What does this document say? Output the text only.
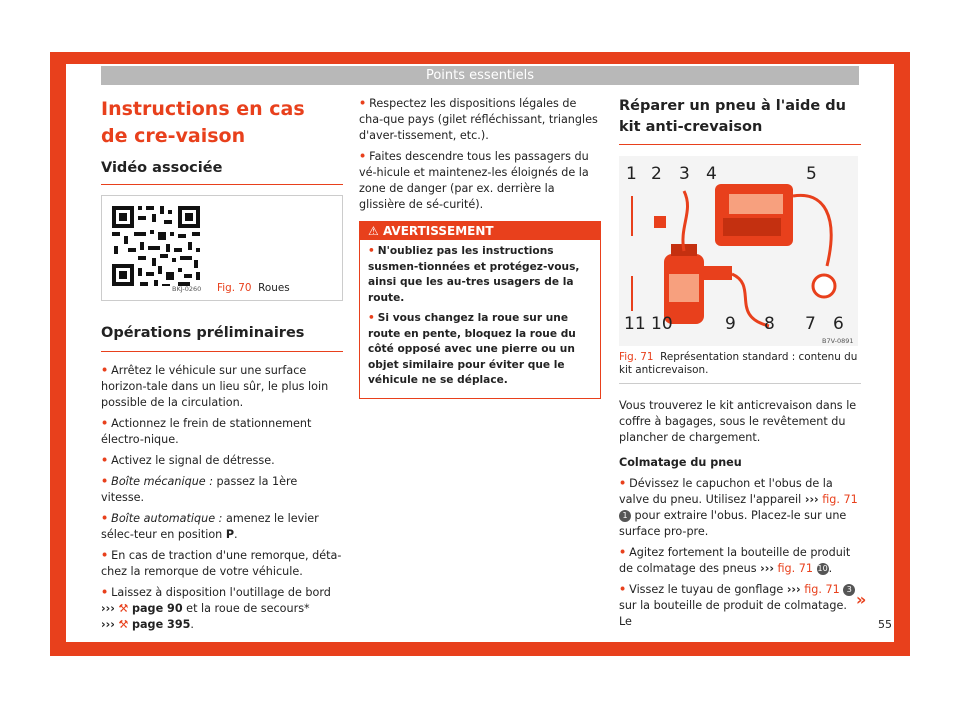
Points essentiels
Instructions en cas de cre-vaison
Vidéo associée
BKJ-0260 Fig. 70 Roues
Opérations préliminaires

• Arrêtez le véhicule sur une surface horizon-tale dans un lieu sûr, le plus loin possible de la circulation.

• Actionnez le frein de stationnement électro-nique.

• Activez le signal de détresse.

• Boîte mécanique : passez la 1ère vitesse.

• Boîte automatique : amenez le levier sélec-teur en position P.

• En cas de traction d'une remorque, déta-chez la remorque de votre véhicule.

• Laissez à disposition l'outillage de bord
››› ⚒ page 90 et la roue de secours*
››› ⚒ page 395.

• Respectez les dispositions légales de cha-que pays (gilet réfléchissant, triangles d'aver-tissement, etc.).

• Faites descendre tous les passagers du vé-hicule et maintenez-les éloignés de la zone de danger (par ex. derrière la glissière de sé-curité).

⚠ AVERTISSEMENT

• N'oubliez pas les instructions susmen-tionnées et protégez-vous, ainsi que les au-tres usagers de la route.

• Si vous changez la roue sur une route en pente, bloquez la roue du côté opposé avec une pierre ou un objet similaire pour éviter que le véhicule ne se déplace.

Réparer un pneu à l'aide du kit anti-crevaison
1 2 3 4	5
11 10	9 8 7 6
B7V-0891
Fig. 71 Représentation standard : contenu du kit anticrevaison.

Vous trouverez le kit anticrevaison dans le coffre à bagages, sous le revêtement du plancher de chargement.

Colmatage du pneu

• Dévissez le capuchon et l'obus de la valve du pneu. Utilisez l'appareil ››› fig. 71 1 pour extraire l'obus. Placez-le sur une surface pro-pre.

• Agitez fortement la bouteille de produit de colmatage des pneus ››› fig. 71 10.

• Vissez le tuyau de gonflage ››› fig. 71 3 sur la bouteille de produit de colmatage. Le

»
55
